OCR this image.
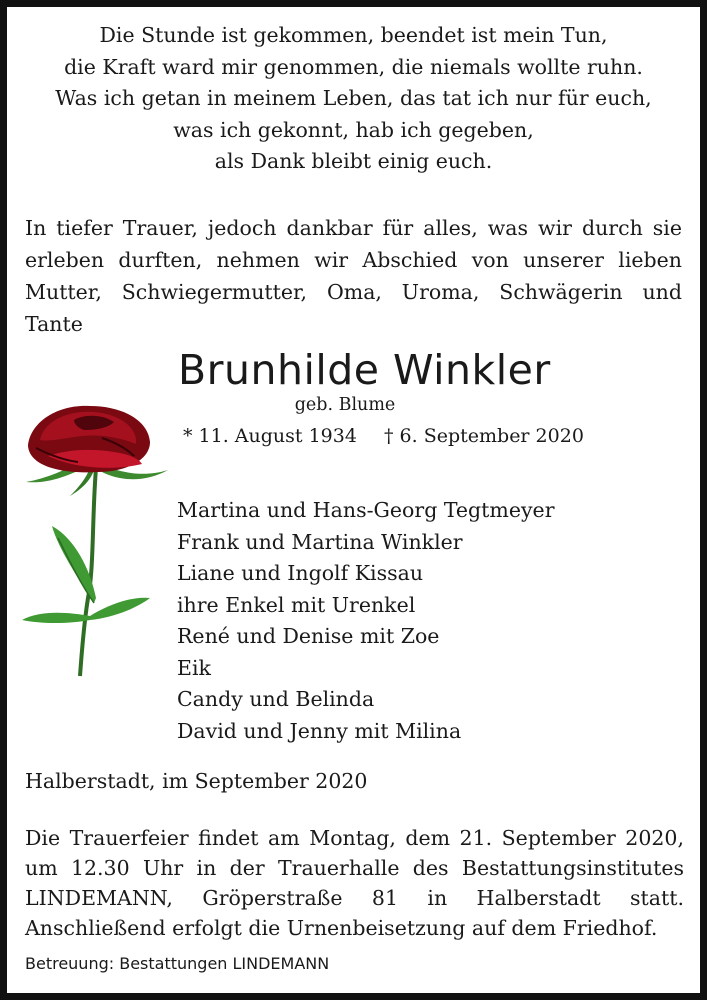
Die Stunde ist gekommen, beendet ist mein Tun,
die Kraft ward mir genommen, die niemals wollte ruhn.
Was ich getan in meinem Leben, das tat ich nur für euch,
was ich gekonnt, hab ich gegeben,
als Dank bleibt einig euch.
In tiefer Trauer, jedoch dankbar für alles, was wir durch sie
erleben durften, nehmen wir Abschied von unserer lieben
Mutter, Schwiegermutter, Oma, Uroma, Schwägerin und
Tante
Brunhilde Winkler
geb. Blume
* 11. August 1934 † 6. September 2020
Martina und Hans-Georg Tegtmeyer
Frank und Martina Winkler
Liane und Ingolf Kissau
ihre Enkel mit Urenkel
René und Denise mit Zoe
Eik
Candy und Belinda
David und Jenny mit Milina
Halberstadt, im September 2020
Die Trauerfeier findet am Montag, dem 21. September 2020,
um 12.30 Uhr in der Trauerhalle des Bestattungsinstitutes
LINDEMANN, Gröperstraße 81 in Halberstadt statt.
Anschließend erfolgt die Urnenbeisetzung auf dem Friedhof.
Betreuung: Bestattungen LINDEMANN
